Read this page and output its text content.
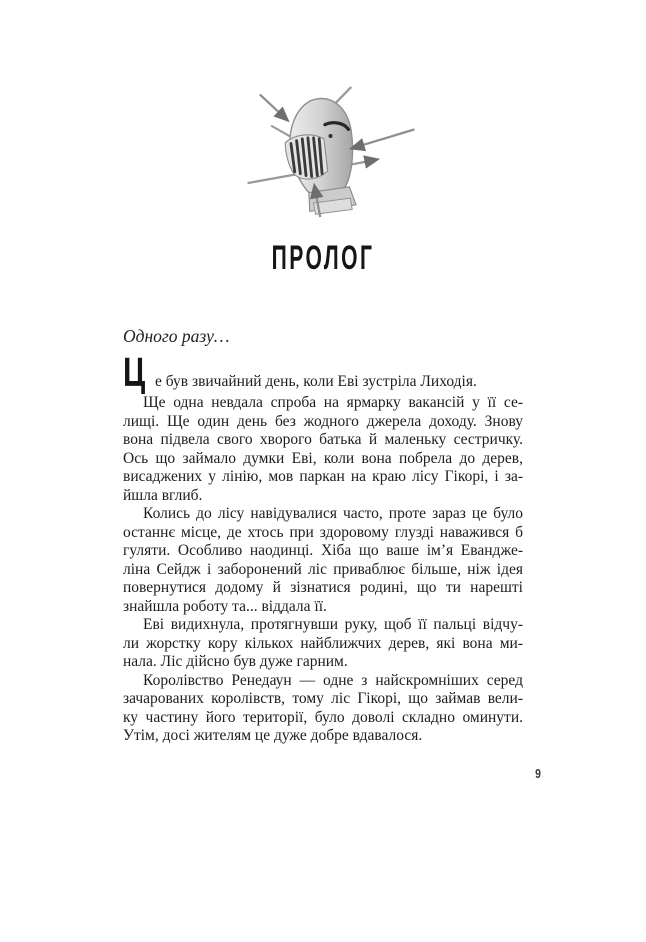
ПРОЛОГ
Одного разу…
Це був звичайний день, коли Еві зустріла Лиходія.
Ще одна невдала спроба на ярмарку вакансій у її се-
лищі. Ще один день без жодного джерела доходу. Знову
вона підвела свого хворого батька й маленьку сестричку.
Ось що займало думки Еві, коли вона побрела до дерев,
висаджених у лінію, мов паркан на краю лісу Гікорі, і за-
йшла вглиб.
Колись до лісу навідувалися часто, проте зараз це було
останнє місце, де хтось при здоровому глузді наважився б
гуляти. Особливо наодинці. Хіба що ваше ім’я Евандже-
ліна Сейдж і заборонений ліс приваблює більше, ніж ідея
повернутися додому й зізнатися родині, що ти нарешті
знайшла роботу та... віддала її.
Еві видихнула, протягнувши руку, щоб її пальці відчу-
ли жорстку кору кількох найближчих дерев, які вона ми-
нала. Ліс дійсно був дуже гарним.
Королівство Ренедаун — одне з найскромніших серед
зачарованих королівств, тому ліс Гікорі, що займав вели-
ку частину його території, було доволі складно оминути.
Утім, досі жителям це дуже добре вдавалося.
9
